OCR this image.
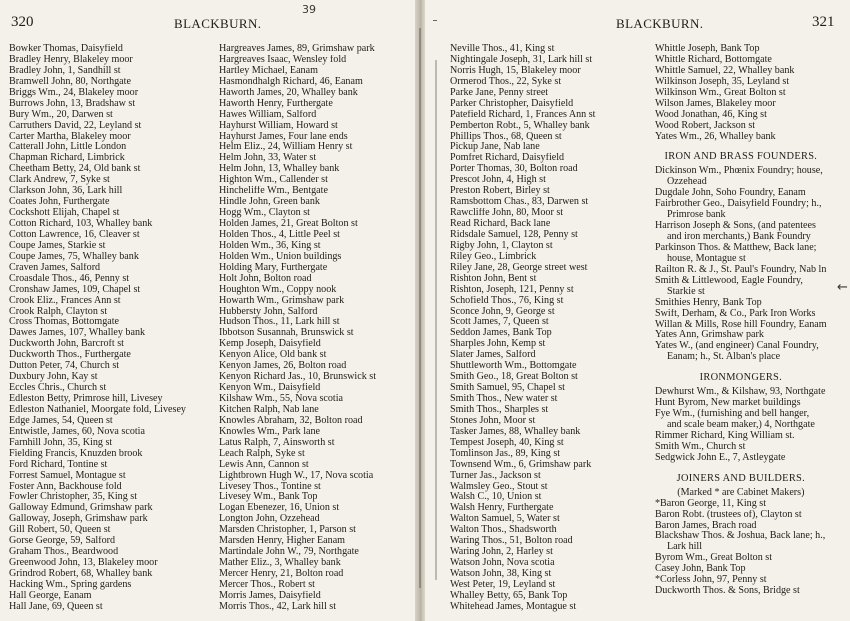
320	BLACKBURN.
39
Bowker Thomas, Daisyfield
Bradley Henry, Blakeley moor
Bradley John, 1, Sandhill st
Bramwell John, 80, Northgate
Briggs Wm., 24, Blakeley moor
Burrows John, 13, Bradshaw st
Bury Wm., 20, Darwen st
Carruthers David, 22, Leyland st
Carter Martha, Blakeley moor
Catterall John, Little London
Chapman Richard, Limbrick
Cheetham Betty, 24, Old bank st
Clark Andrew, 7, Syke st
Clarkson John, 36, Lark hill
Coates John, Furthergate
Cockshott Elijah, Chapel st
Cotton Richard, 103, Whalley bank
Cotton Lawrence, 16, Cleaver st
Coupe James, Starkie st
Coupe James, 75, Whalley bank
Craven James, Salford
Croasdale Thos., 46, Penny st
Cronshaw James, 109, Chapel st
Crook Eliz., Frances Ann st
Crook Ralph, Clayton st
Cross Thomas, Bottomgate
Dawes James, 107, Whalley bank
Duckworth John, Barcroft st
Duckworth Thos., Furthergate
Dutton Peter, 74, Church st
Duxbury John, Kay st
Eccles Chris., Church st
Edleston Betty, Primrose hill, Livesey
Edleston Nathaniel, Moorgate fold, Livesey
Edge James, 54, Queen st
Entwistle, James, 60, Nova scotia
Farnhill John, 35, King st
Fielding Francis, Knuzden brook
Ford Richard, Tontine st
Forrest Samuel, Montague st
Foster Ann, Backhouse fold
Fowler Christopher, 35, King st
Galloway Edmund, Grimshaw park
Galloway, Joseph, Grimshaw park
Gill Robert, 50, Queen st
Gorse George, 59, Salford
Graham Thos., Beardwood
Greenwood John, 13, Blakeley moor
Grindrod Robert, 68, Whalley bank
Hacking Wm., Spring gardens
Hall George, Eanam
Hall Jane, 69, Queen st
Hargreaves James, 89, Grimshaw park
Hargreaves Isaac, Wensley fold
Hartley Michael, Eanam
Hasmondhalgh Richard, 46, Eanam
Haworth James, 20, Whalley bank
Haworth Henry, Furthergate
Hawes William, Salford
Hayhurst William, Howard st
Hayhurst James, Four lane ends
Helm Eliz., 24, William Henry st
Helm John, 33, Water st
Helm John, 13, Whalley bank
Highton Wm., Callender st
Hincheliffe Wm., Bentgate
Hindle John, Green bank
Hogg Wm., Clayton st
Holden James, 21, Great Bolton st
Holden Thos., 4, Little Peel st
Holden Wm., 36, King st
Holden Wm., Union buildings
Holding Mary, Furthergate
Holt John, Bolton road
Houghton Wm., Coppy nook
Howarth Wm., Grimshaw park
Hubbersty John, Salford
Hudson Thos., 11, Lark hill st
Ibbotson Susannah, Brunswick st
Kemp Joseph, Daisyfield
Kenyon Alice, Old bank st
Kenyon James, 26, Bolton road
Kenyon Richard Jas., 10, Brunswick st
Kenyon Wm., Daisyfield
Kilshaw Wm., 55, Nova scotia
Kitchen Ralph, Nab lane
Knowles Abraham, 32, Bolton road
Knowles Wm., Park lane
Latus Ralph, 7, Ainsworth st
Leach Ralph, Syke st
Lewis Ann, Cannon st
Lightbrown Hugh W., 17, Nova scotia
Livesey Thos., Tontine st
Livesey Wm., Bank Top
Logan Ebenezer, 16, Union st
Longton John, Ozzehead
Marsden Christopher, 1, Parson st
Marsden Henry, Higher Eanam
Martindale John W., 79, Northgate
Mather Eliz., 3, Whalley bank
Mercer Henry, 21, Bolton road
Mercer Thos., Robert st
Morris James, Daisyfield
Morris Thos., 42, Lark hill st
BLACKBURN.	321
Neville Thos., 41, King st
Nightingale Joseph, 31, Lark hill st
Norris Hugh, 15, Blakeley moor
Ormerod Thos., 22, Syke st
Parke Jane, Penny street
Parker Christopher, Daisyfield
Patefield Richard, 1, Frances Ann st
Pemberton Robt., 5, Whalley bank
Phillips Thos., 68, Queen st
Pickup Jane, Nab lane
Pomfret Richard, Daisyfield
Porter Thomas, 30, Bolton road
Prescot John, 4, High st
Preston Robert, Birley st
Ramsbottom Chas., 83, Darwen st
Rawcliffe John, 80, Moor st
Read Richard, Back lane
Ridsdale Samuel, 128, Penny st
Rigby John, 1, Clayton st
Riley Geo., Limbrick
Riley Jane, 28, George street west
Rishton John, Bent st
Rishton, Joseph, 121, Penny st
Schofield Thos., 76, King st
Sconce John, 9, George st
Scott James, 7, Queen st
Seddon James, Bank Top
Sharples John, Kemp st
Slater James, Salford
Shuttleworth Wm., Bottomgate
Smith Geo., 18, Great Bolton st
Smith Samuel, 95, Chapel st
Smith Thos., New water st
Smith Thos., Sharples st
Stones John, Moor st
Tasker James, 88, Whalley bank
Tempest Joseph, 40, King st
Tomlinson Jas., 89, King st
Townsend Wm., 6, Grimshaw park
Turner Jas., Jackson st
Walmsley Geo., Stout st
Walsh C., 10, Union st
Walsh Henry, Furthergate
Walton Samuel, 5, Water st
Walton Thos., Shadsworth
Waring Thos., 51, Bolton road
Waring John, 2, Harley st
Watson John, Nova scotia
Watson John, 38, King st
West Peter, 19, Leyland st
Whalley Betty, 65, Bank Top
Whitehead James, Montague st
Whittle Joseph, Bank Top
Whittle Richard, Bottomgate
Whittle Samuel, 22, Whalley bank
Wilkinson Joseph, 35, Leyland st
Wilkinson Wm., Great Bolton st
Wilson James, Blakeley moor
Wood Jonathan, 46, King st
Wood Robert, Jackson st
Yates Wm., 26, Whalley bank
IRON AND BRASS FOUNDERS.
Dickinson Wm., Phœnix Foundry; house,
Ozzehead
Dugdale John, Soho Foundry, Eanam
Fairbrother Geo., Daisyfield Foundry; h.,
Primrose bank
Harrison Joseph & Sons, (and patentees
and iron merchants,) Bank Foundry
Parkinson Thos. & Matthew, Back lane;
house, Montague st
Railton R. & J., St. Paul's Foundry, Nab ln
Smith & Littlewood, Eagle Foundry,
Starkie st
Smithies Henry, Bank Top
Swift, Derham, & Co., Park Iron Works
Willan & Mills, Rose hill Foundry, Eanam
Yates Ann, Grimshaw park
Yates W., (and engineer) Canal Foundry,
Eanam; h., St. Alban's place
IRONMONGERS.
Dewhurst Wm., & Kilshaw, 93, Northgate
Hunt Byrom, New market buildings
Fye Wm., (furnishing and bell hanger,
and scale beam maker,) 4, Northgate
Rimmer Richard, King William st.
Smith Wm., Church st
Sedgwick John E., 7, Astleygate
JOINERS AND BUILDERS.
(Marked * are Cabinet Makers)
*Baron George, 11, King st
Baron Robt. (trustees of), Clayton st
Baron James, Brach road
Blackshaw Thos. & Joshua, Back lane; h.,
Lark hill
Byrom Wm., Great Bolton st
Casey John, Bank Top
*Corless John, 97, Penny st
Duckworth Thos. & Sons, Bridge st
←
